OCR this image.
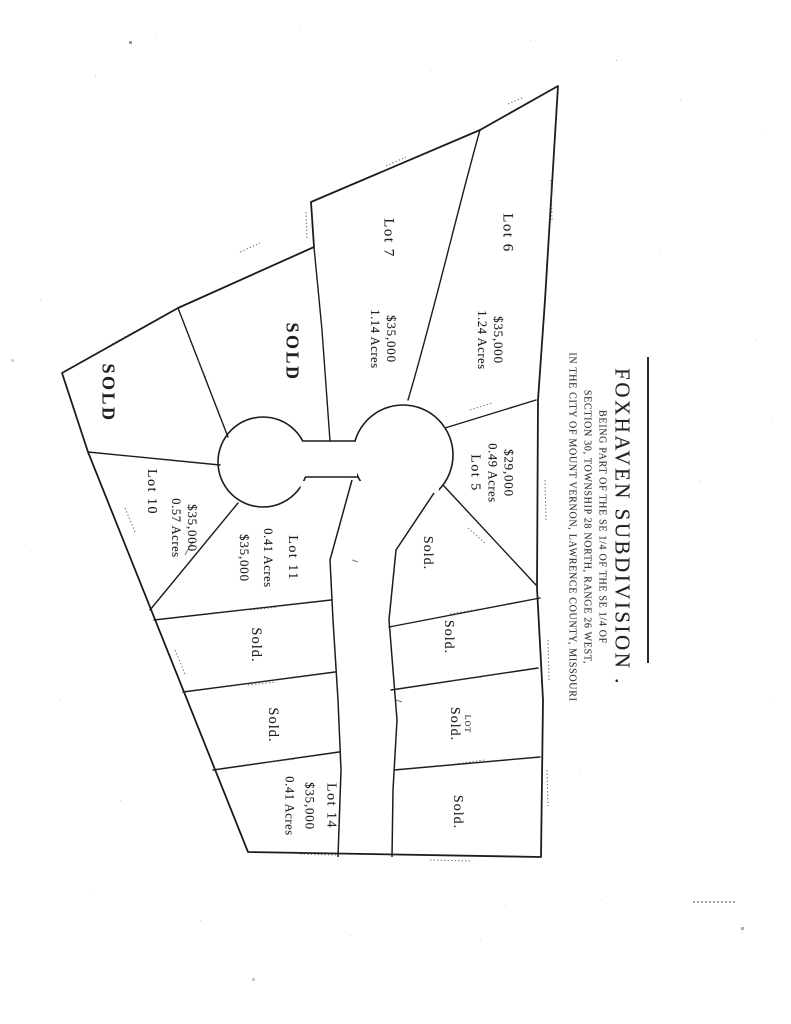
FOXHAVEN SUBDIVISION .
BEING PART OF THE SE 1/4 OF THE SE 1/4 OF
SECTION 30, TOWNSHIP 28 NORTH, RANGE 26 WEST,
IN THE CITY OF MOUNT VERNON, LAWRENCE COUNTY, MISSOURI
Lot 6
$35,000
1.24 Acres
Lot 7
$35,000
1.14 Acres
SOLD
SOLD
Lot 10
$35,000
0.57 Acres
Lot 11
0.41 Acres
$35,000
$29,000
0.49 Acres
Lot 5
Sold.
Sold.
LOT
Sold.
Sold.
Sold.
Sold.
Lot 14
$35,000
0.41 Acres
